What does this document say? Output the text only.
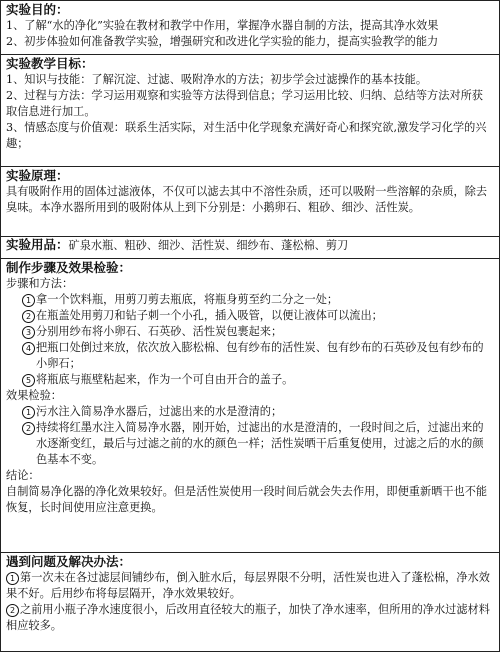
实验目的：

1、了解“水的净化”实验在教材和教学中作用，掌握净水器自制的方法，提高其净水效果

2、初步体验如何准备教学实验，增强研究和改进化学实验的能力，提高实验教学的能力

实验教学目标：

1、知识与技能：了解沉淀、过滤、吸附净水的方法；初步学会过滤操作的基本技能。

2、过程与方法：学习运用观察和实验等方法得到信息；学习运用比较、归纳、总结等方法对所获取信息进行加工。

3、情感态度与价值观：联系生活实际，对生活中化学现象充满好奇心和探究欲,激发学习化学的兴趣；

实验原理：

具有吸附作用的固体过滤液体，不仅可以滤去其中不溶性杂质，还可以吸附一些溶解的杂质，除去臭味。本净水器所用到的吸附体从上到下分别是：小鹅卵石、粗砂、细沙、活性炭。

实验用品：矿泉水瓶、粗砂、细沙、活性炭、细纱布、蓬松棉、剪刀

制作步骤及效果检验：

步骤和方法：

1 拿一个饮料瓶，用剪刀剪去瓶底，将瓶身剪至约二分之一处；

2 在瓶盖处用剪刀和钻子刺一个小孔，插入吸管，以便让液体可以流出；

3 分别用纱布将小卵石、石英砂、活性炭包裹起来；

4 把瓶口处倒过来放，依次放入膨松棉、包有纱布的活性炭、包有纱布的石英砂及包有纱布的小卵石；

5 将瓶底与瓶壁粘起来，作为一个可自由开合的盖子。

效果检验：

1 污水注入简易净水器后，过滤出来的水是澄清的；

2 持续将红墨水注入简易净水器，刚开始，过滤出的水是澄清的，一段时间之后，过滤出来的水逐渐变红，最后与过滤之前的水的颜色一样；活性炭晒干后重复使用，过滤之后的水的颜色基本不变。

结论：

自制简易净化器的净化效果较好。但是活性炭使用一段时间后就会失去作用，即便重新晒干也不能恢复，长时间使用应注意更换。

遇到问题及解决办法：

1 第一次未在各过滤层间铺纱布，倒入脏水后，每层界限不分明，活性炭也进入了蓬松棉，净水效果不好。后用纱布将每层隔开，净水效果较好。

2 之前用小瓶子净水速度很小，后改用直径较大的瓶子，加快了净水速率，但所用的净水过滤材料相应较多。
